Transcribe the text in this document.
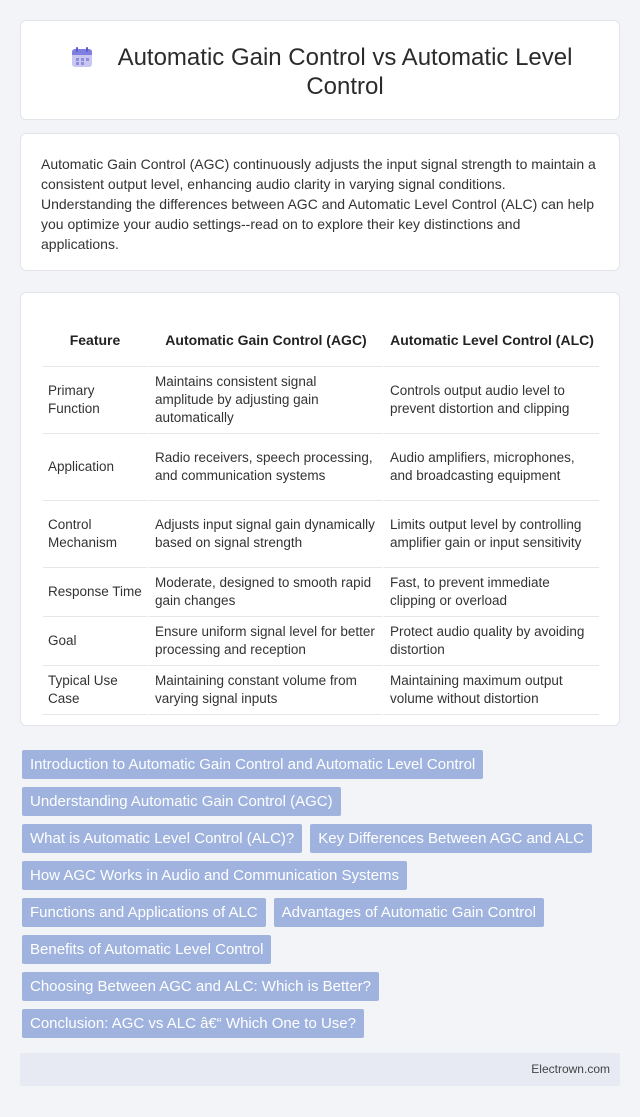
Automatic Gain Control vs Automatic Level Control

Automatic Gain Control (AGC) continuously adjusts the input signal strength to maintain a consistent output level, enhancing audio clarity in varying signal conditions. Understanding the differences between AGC and Automatic Level Control (ALC) can help you optimize your audio settings--read on to explore their key distinctions and applications.

Feature	Automatic Gain Control (AGC)	Automatic Level Control (ALC)
Primary Function	Maintains consistent signal amplitude by adjusting gain automatically	Controls output audio level to prevent distortion and clipping
Application	Radio receivers, speech processing, and communication systems	Audio amplifiers, microphones, and broadcasting equipment
Control Mechanism	Adjusts input signal gain dynamically based on signal strength	Limits output level by controlling amplifier gain or input sensitivity
Response Time	Moderate, designed to smooth rapid gain changes	Fast, to prevent immediate clipping or overload
Goal	Ensure uniform signal level for better processing and reception	Protect audio quality by avoiding distortion
Typical Use Case	Maintaining constant volume from varying signal inputs	Maintaining maximum output volume without distortion
Introduction to Automatic Gain Control and Automatic Level Control
Understanding Automatic Gain Control (AGC)
What is Automatic Level Control (ALC)?	Key Differences Between AGC and ALC
How AGC Works in Audio and Communication Systems
Functions and Applications of ALC	Advantages of Automatic Gain Control
Benefits of Automatic Level Control
Choosing Between AGC and ALC: Which is Better?
Conclusion: AGC vs ALC â€“ Which One to Use?
Electrown.com
